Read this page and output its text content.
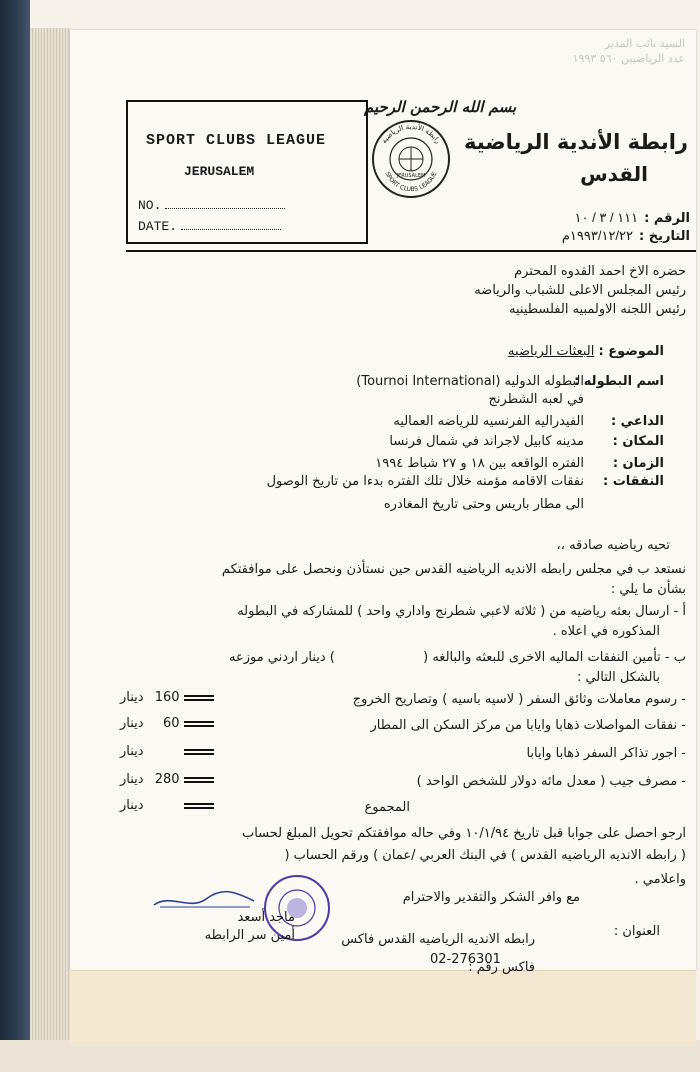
السيد نائب المدير
عدد الرياضيين ٥٦٠ ١٩٩٣
SPORT CLUBS LEAGUE
JERUSALEM
NO.
DATE.
بسم الله الرحمن الرحيم
رابطة الأندية الرياضية
SPORT CLUBS LEAGUE
JERUSALEM
رابطة الأندية الرياضية
القدس
الرقم :١١١ / ٣ / ١٠
التاريخ :١٩٩٣/١٢/٢٢م
حضره الاخ احمد القدوه المحترم
رئيس المجلس الاعلى للشباب والرياضه
رئيس اللجنه الاولمبيه الفلسطينيه
الموضوع : البعثات الرياضيه
اسم البطوله :البطوله الدوليه (Tournoi International)
في لعبه الشطرنج
الداعي :الفيدراليه الفرنسيه للرياضه العماليه
المكان :مدينه كابيل لاجراند في شمال فرنسا
الزمان :الفتره الواقعه بين ١٨ و ٢٧ شباط ١٩٩٤
النفقات :نفقات الاقامه مؤمنه خلال تلك الفتره بدءا من تاريخ الوصول
الى مطار باريس وحتى تاريخ المغادره
تحيه رياضيه صادقه ،،
نستعد ب في مجلس رابطه الانديه الرياضيه القدس حين نستأذن ونحصل على موافقتكم
بشأن ما يلي :
أ - ارسال بعثه رياضيه من ( ثلاثه لاعبي شطرنج واداري واحد ) للمشاركه في البطوله
المذكوره في اعلاه .
ب - تأمين النفقات الماليه الاخرى للبعثه والبالغه (  ) دينار اردني موزعه
بالشكل التالي :
- رسوم معاملات وثائق السفر ( لاسيه باسيه ) وتصاريح الخروج
دينار 160
- نفقات المواصلات ذهابا وايابا من مركز السكن الى المطار
دينار 60
- اجور تذاكر السفر ذهابا وايابا
دينار
- مصرف جيب ( معدل مائه دولار للشخص الواحد )
دينار 280
المجموع
دينار
ارجو احصل على جوابا قبل تاريخ ١٠/١/٩٤ وفي حاله موافقتكم تحويل المبلغ لحساب
( رابطه الانديه الرياضيه القدس ) في البنك العربي /عمان ) ورقم الحساب (
واعلامي .
مع وافر الشكر والتقدير والاحترام
ماجد أسعد
أمين سر الرابطه	العنوان :
رابطه الانديه الرياضيه القدس فاكس
فاكس رقم :
02-276301
